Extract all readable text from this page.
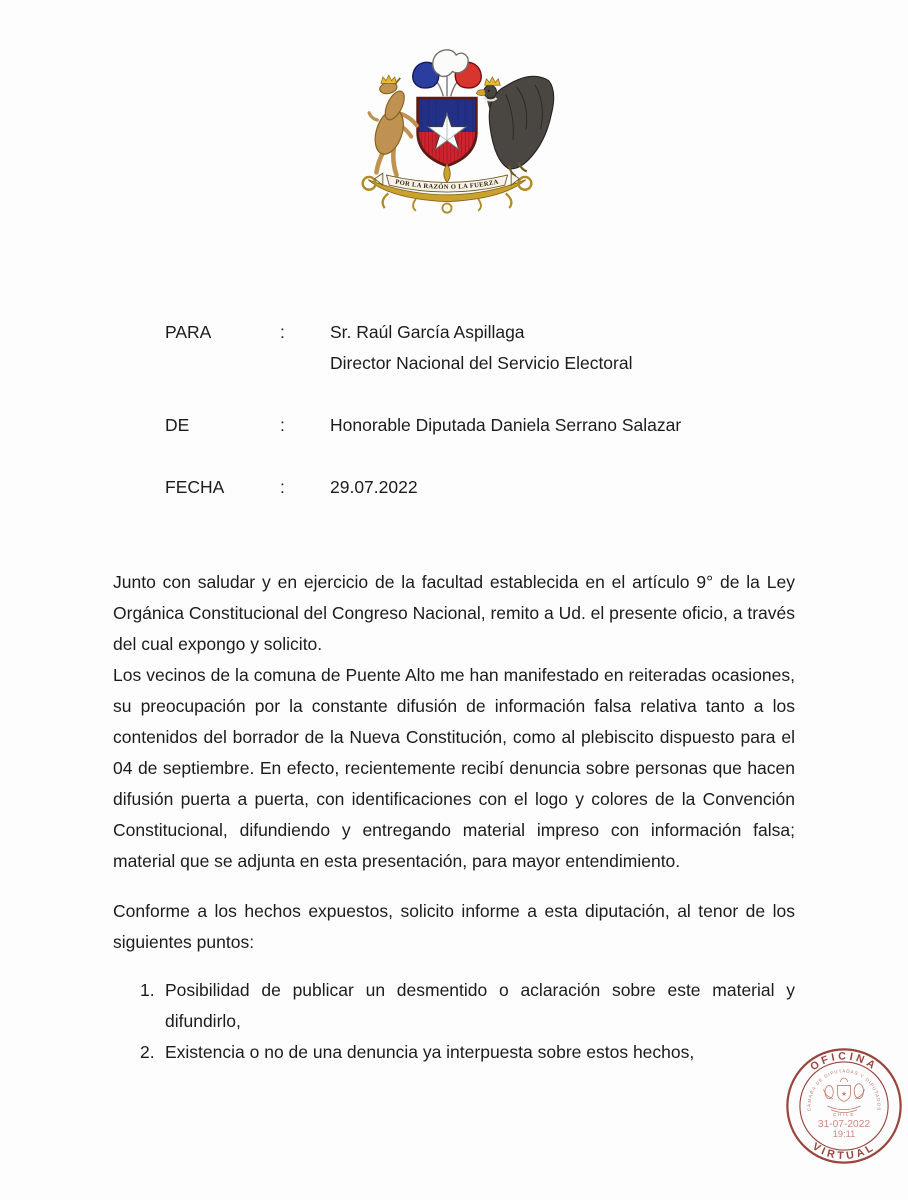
POR LA RAZÓN O LA FUERZA
PARA	:	Sr. Raúl García Aspillaga
Director Nacional del Servicio Electoral
DE	:	Honorable Diputada Daniela Serrano Salazar
FECHA	:	29.07.2022

Junto con saludar y en ejercicio de la facultad establecida en el artículo 9° de la Ley Orgánica Constitucional del Congreso Nacional, remito a Ud. el presente oficio, a través del cual expongo y solicito.

Los vecinos de la comuna de Puente Alto me han manifestado en reiteradas ocasiones, su preocupación por la constante difusión de información falsa relativa tanto a los contenidos del borrador de la Nueva Constitución, como al plebiscito dispuesto para el 04 de septiembre. En efecto, recientemente recibí denuncia sobre personas que hacen difusión puerta a puerta, con identificaciones con el logo y colores de la Convención Constitucional, difundiendo y entregando material impreso con información falsa; material que se adjunta en esta presentación, para mayor entendimiento.

Conforme a los hechos expuestos, solicito informe a esta diputación, al tenor de los siguientes puntos:

1. Posibilidad de publicar un desmentido o aclaración sobre este material y difundirlo,
2. Existencia o no de una denuncia ya interpuesta sobre estos hechos,
OFICINA
VIRTUAL
CÁMARA DE DIPUTADAS Y DIPUTADOS
★
CHILE
31-07-2022
19:11
